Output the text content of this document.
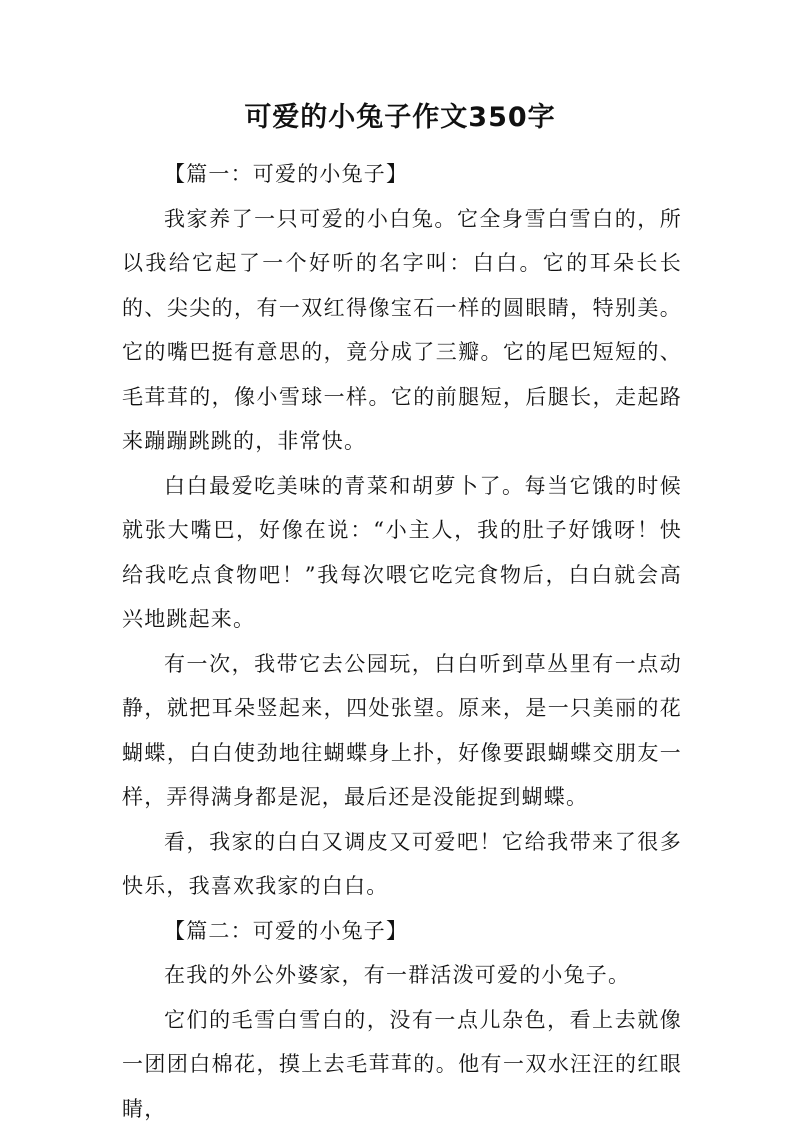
可爱的小兔子作文350字

【篇一：可爱的小兔子】

我家养了一只可爱的小白兔。它全身雪白雪白的，所以我给它起了一个好听的名字叫：白白。它的耳朵长长的、尖尖的，有一双红得像宝石一样的圆眼睛，特别美。它的嘴巴挺有意思的，竟分成了三瓣。它的尾巴短短的、毛茸茸的，像小雪球一样。它的前腿短，后腿长，走起路来蹦蹦跳跳的，非常快。

白白最爱吃美味的青菜和胡萝卜了。每当它饿的时候就张大嘴巴，好像在说：“小主人，我的肚子好饿呀！快给我吃点食物吧！”我每次喂它吃完食物后，白白就会高兴地跳起来。

有一次，我带它去公园玩，白白听到草丛里有一点动静，就把耳朵竖起来，四处张望。原来，是一只美丽的花蝴蝶，白白使劲地往蝴蝶身上扑，好像要跟蝴蝶交朋友一样，弄得满身都是泥，最后还是没能捉到蝴蝶。

看，我家的白白又调皮又可爱吧！它给我带来了很多快乐，我喜欢我家的白白。

【篇二：可爱的小兔子】

在我的外公外婆家，有一群活泼可爱的小兔子。

它们的毛雪白雪白的，没有一点儿杂色，看上去就像一团团白棉花，摸上去毛茸茸的。他有一双水汪汪的红眼睛，
